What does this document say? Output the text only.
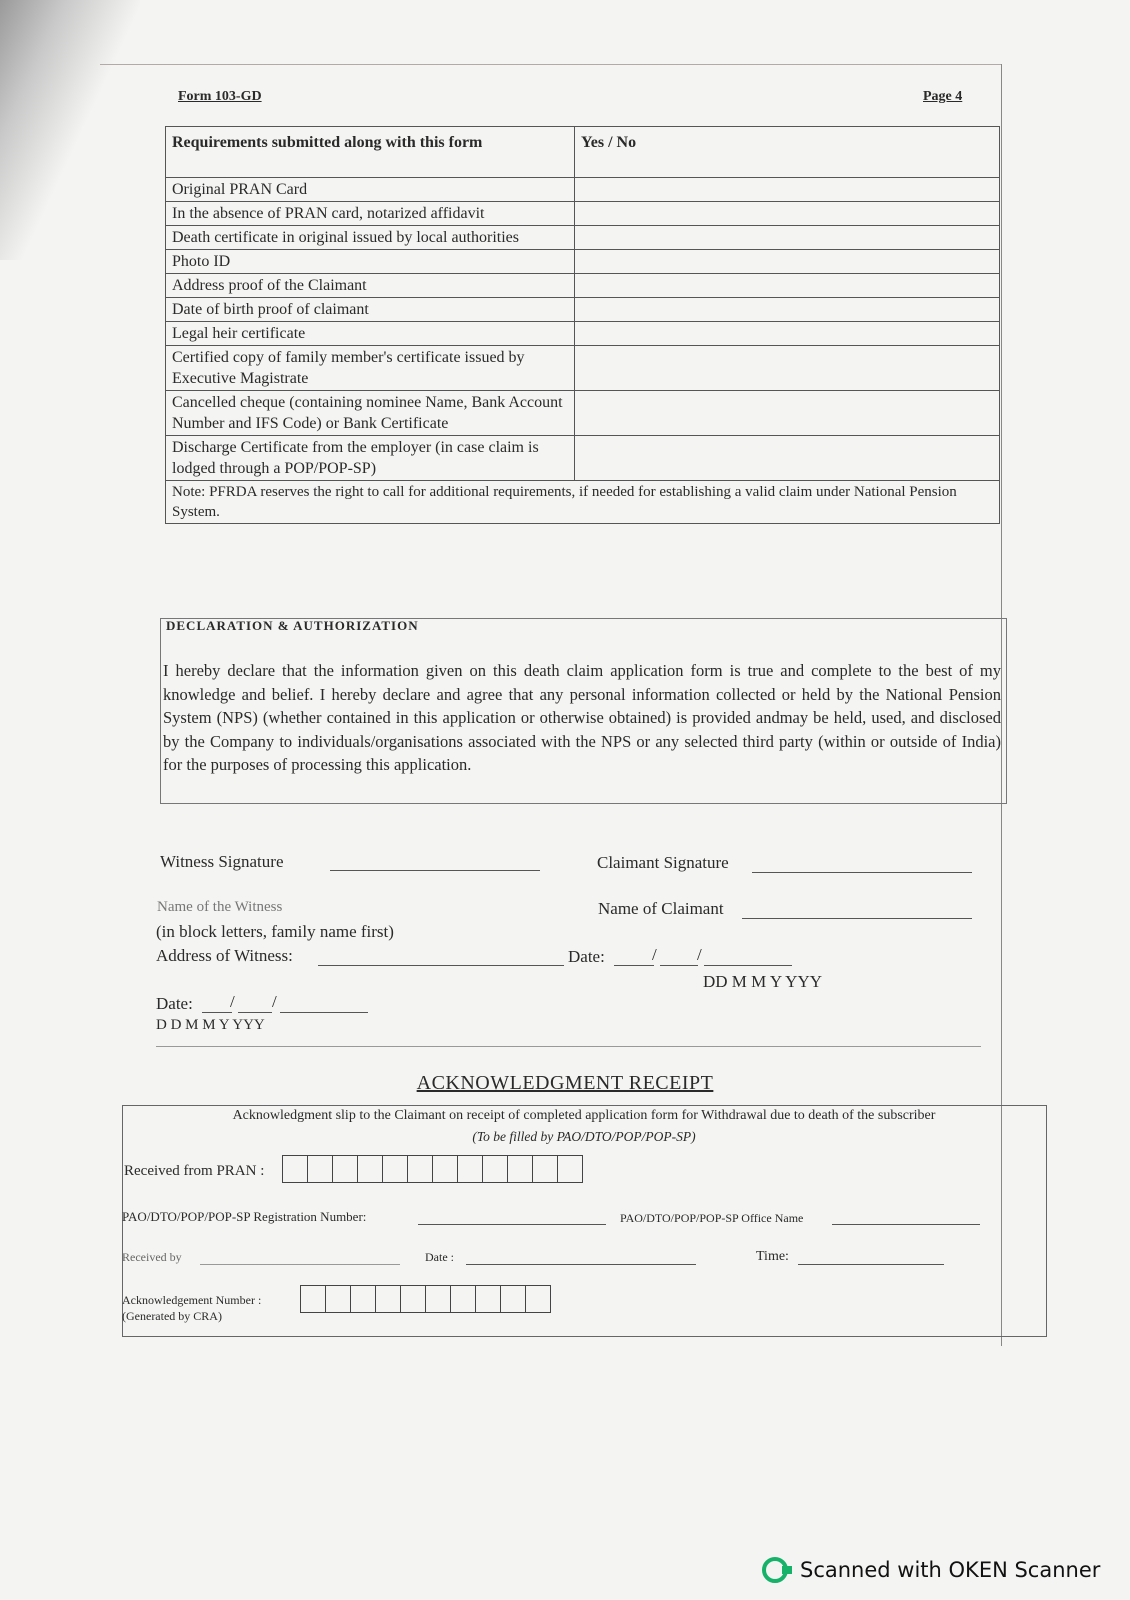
Form 103-GD	Page 4
Requirements submitted along with this form	Yes / No
Original PRAN Card	
In the absence of PRAN card, notarized affidavit	
Death certificate in original issued by local authorities	
Photo ID	
Address proof of the Claimant	
Date of birth proof of claimant	
Legal heir certificate	
Certified copy of family member's certificate issued by Executive Magistrate	
Cancelled cheque (containing nominee Name, Bank Account Number and IFS Code) or Bank Certificate	
Discharge Certificate from the employer (in case claim is lodged through a POP/POP-SP)	
Note: PFRDA reserves the right to call for additional requirements, if needed for establishing a valid claim under National Pension System.	
DECLARATION & AUTHORIZATION
I hereby declare that the information given on this death claim application form is true and complete to the best of my knowledge and belief. I hereby declare and agree that any personal information collected or held by the National Pension System (NPS) (whether contained in this application or otherwise obtained) is provided andmay be held, used, and disclosed by the Company to individuals/organisations associated with the NPS or any selected third party (within or outside of India) for the purposes of processing this application.
Witness Signature	Claimant Signature
Name of the Witness
(in block letters, family name first)
Name of Claimant
Address of Witness:	Date:	/ /
DD M M Y YYY
Date: / /
D D M M Y YYY
ACKNOWLEDGMENT RECEIPT
Acknowledgment slip to the Claimant on receipt of completed application form for Withdrawal due to death of the subscriber
(To be filled by PAO/DTO/POP/POP-SP)
Received from PRAN :
PAO/DTO/POP/POP-SP Registration Number:	PAO/DTO/POP/POP-SP Office Name
Received by	Date :	Time:
Acknowledgement Number :
(Generated by CRA)
Scanned with OKEN Scanner
